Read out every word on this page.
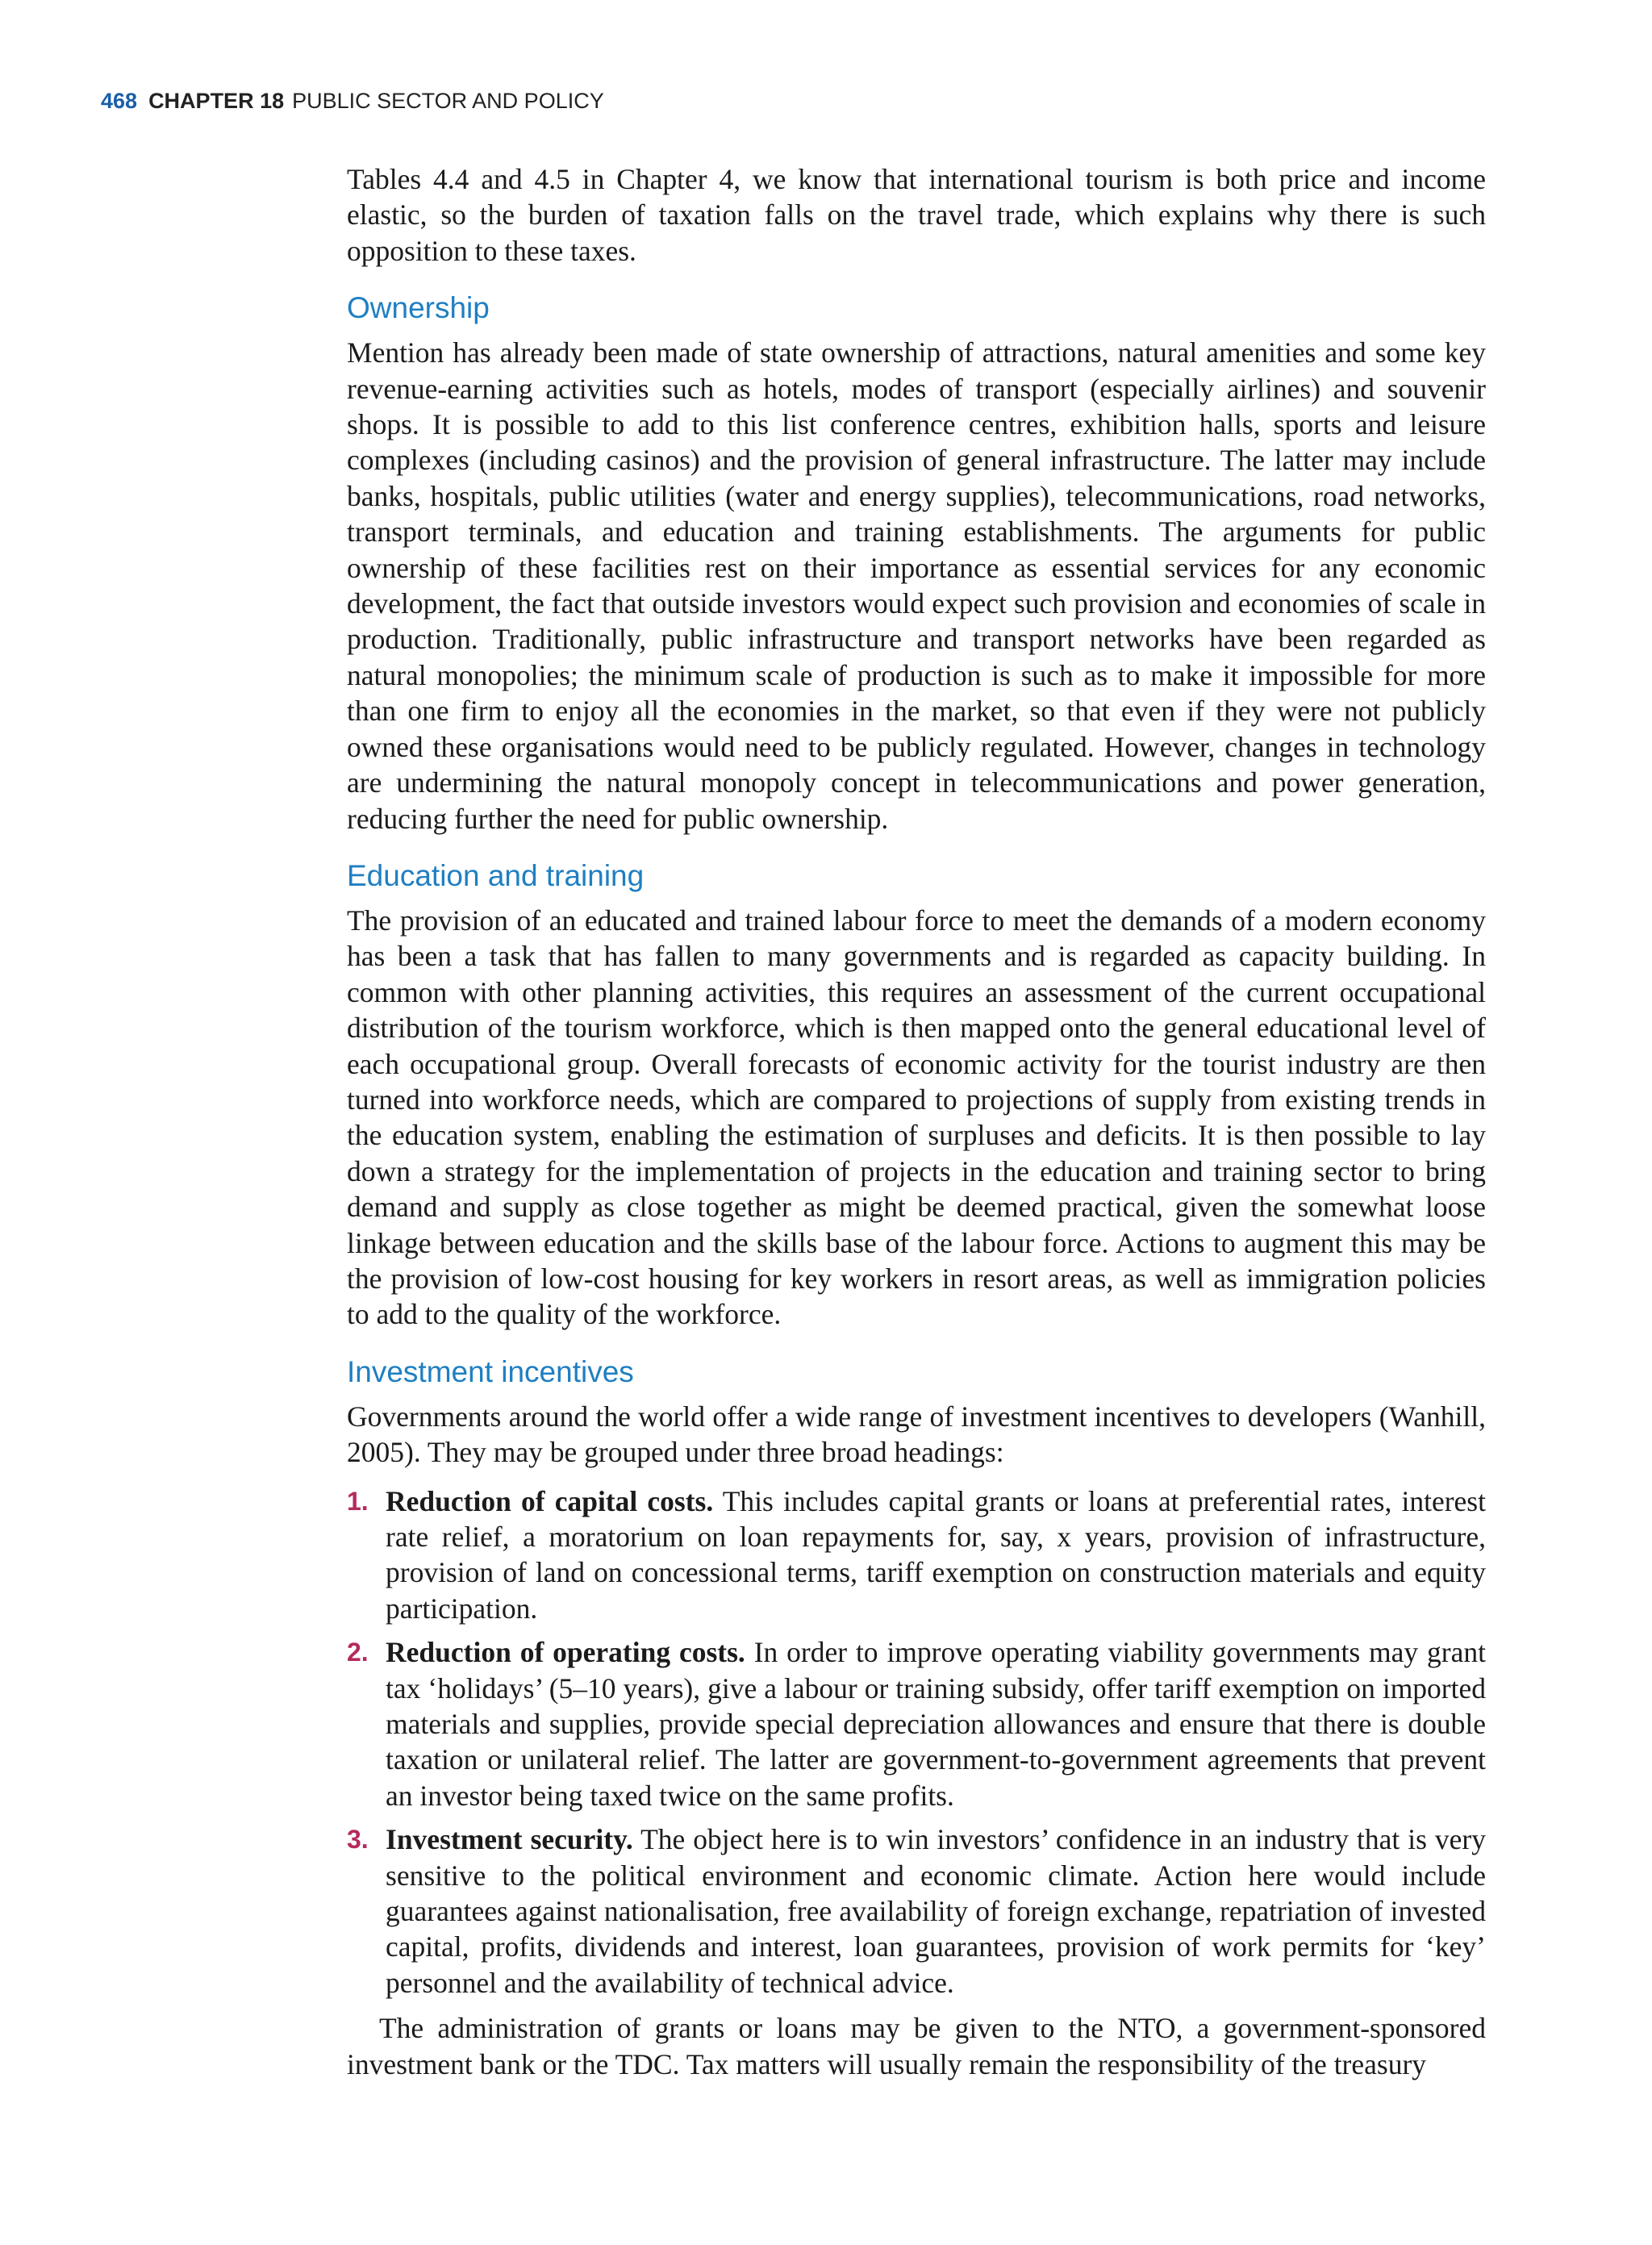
468 CHAPTER 18 PUBLIC SECTOR AND POLICY

Tables 4.4 and 4.5 in Chapter 4, we know that international tourism is both price and income elastic, so the burden of taxation falls on the travel trade, which explains why there is such opposition to these taxes.

Ownership

Mention has already been made of state ownership of attractions, natural amenities and some key revenue-earning activities such as hotels, modes of transport (especially airlines) and souvenir shops. It is possible to add to this list conference centres, exhibition halls, sports and leisure complexes (including casinos) and the provision of general infrastructure. The latter may include banks, hospitals, public utilities (water and energy supplies), telecommunications, road networks, transport terminals, and education and training establishments. The arguments for public ownership of these facilities rest on their importance as essential services for any economic development, the fact that outside investors would expect such provision and economies of scale in production. Traditionally, public infrastructure and transport networks have been regarded as natural monopolies; the minimum scale of production is such as to make it impossible for more than one firm to enjoy all the economies in the market, so that even if they were not publicly owned these organisations would need to be publicly regulated. However, changes in technology are undermining the natural monopoly concept in telecommunications and power generation, reducing further the need for public ownership.

Education and training

The provision of an educated and trained labour force to meet the demands of a modern economy has been a task that has fallen to many governments and is regarded as capacity building. In common with other planning activities, this requires an assessment of the current occupational distribution of the tourism workforce, which is then mapped onto the general educational level of each occupational group. Overall forecasts of economic activity for the tourist industry are then turned into workforce needs, which are compared to projections of supply from existing trends in the education system, enabling the estimation of surpluses and deficits. It is then possible to lay down a strategy for the implementation of projects in the education and training sector to bring demand and supply as close together as might be deemed practical, given the somewhat loose linkage between education and the skills base of the labour force. Actions to augment this may be the provision of low-cost housing for key workers in resort areas, as well as immigration policies to add to the quality of the workforce.

Investment incentives

Governments around the world offer a wide range of investment incentives to developers (Wanhill, 2005). They may be grouped under three broad headings:

1. Reduction of capital costs. This includes capital grants or loans at preferential rates, interest rate relief, a moratorium on loan repayments for, say, x years, provision of infrastructure, provision of land on concessional terms, tariff exemption on construction materials and equity participation.
2. Reduction of operating costs. In order to improve operating viability governments may grant tax ‘holidays’ (5–10 years), give a labour or training subsidy, offer tariff exemption on imported materials and supplies, provide special depreciation allowances and ensure that there is double taxation or unilateral relief. The latter are government-to-government agreements that prevent an investor being taxed twice on the same profits.
3. Investment security. The object here is to win investors’ confidence in an industry that is very sensitive to the political environment and economic climate. Action here would include guarantees against nationalisation, free availability of foreign exchange, repatriation of invested capital, profits, dividends and interest, loan guarantees, provision of work permits for ‘key’ personnel and the availability of technical advice.

The administration of grants or loans may be given to the NTO, a government-sponsored investment bank or the TDC. Tax matters will usually remain the responsibility of the treasury
